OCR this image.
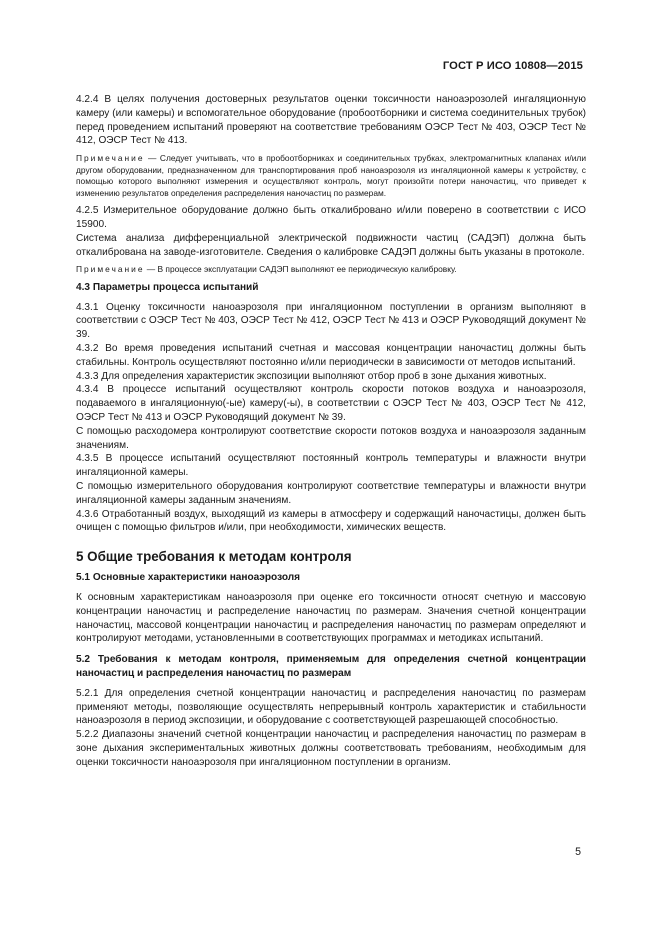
ГОСТ Р ИСО 10808—2015

4.2.4 В целях получения достоверных результатов оценки токсичности наноаэрозолей ингаляционную камеру (или камеры) и вспомогательное оборудование (пробоотборники и система соединительных трубок) перед проведением испытаний проверяют на соответствие требованиям ОЭСР Тест № 403, ОЭСР Тест № 412, ОЭСР Тест № 413.

Примечание — Следует учитывать, что в пробоотборниках и соединительных трубках, электромагнитных клапанах и/или другом оборудовании, предназначенном для транспортирования проб наноаэрозоля из ингаляционной камеры к устройству, с помощью которого выполняют измерения и осуществляют контроль, могут произойти потери наночастиц, что приведет к изменению результатов определения распределения наночастиц по размерам.

4.2.5 Измерительное оборудование должно быть откалибровано и/или поверено в соответствии с ИСО 15900.

Система анализа дифференциальной электрической подвижности частиц (САДЭП) должна быть откалибрована на заводе-изготовителе. Сведения о калибровке САДЭП должны быть указаны в протоколе.

Примечание — В процессе эксплуатации САДЭП выполняют ее периодическую калибровку.

4.3 Параметры процесса испытаний

4.3.1 Оценку токсичности наноаэрозоля при ингаляционном поступлении в организм выполняют в соответствии с ОЭСР Тест № 403, ОЭСР Тест № 412, ОЭСР Тест № 413 и ОЭСР Руководящий документ № 39.

4.3.2 Во время проведения испытаний счетная и массовая концентрации наночастиц должны быть стабильны. Контроль осуществляют постоянно и/или периодически в зависимости от методов испытаний.

4.3.3 Для определения характеристик экспозиции выполняют отбор проб в зоне дыхания животных.

4.3.4 В процессе испытаний осуществляют контроль скорости потоков воздуха и наноаэрозоля, подаваемого в ингаляционную(-ые) камеру(-ы), в соответствии с ОЭСР Тест № 403, ОЭСР Тест № 412, ОЭСР Тест № 413 и ОЭСР Руководящий документ № 39.

С помощью расходомера контролируют соответствие скорости потоков воздуха и наноаэрозоля заданным значениям.

4.3.5 В процессе испытаний осуществляют постоянный контроль температуры и влажности внутри ингаляционной камеры.

С помощью измерительного оборудования контролируют соответствие температуры и влажности внутри ингаляционной камеры заданным значениям.

4.3.6 Отработанный воздух, выходящий из камеры в атмосферу и содержащий наночастицы, должен быть очищен с помощью фильтров и/или, при необходимости, химических веществ.

5 Общие требования к методам контроля

5.1 Основные характеристики наноаэрозоля

К основным характеристикам наноаэрозоля при оценке его токсичности относят счетную и массовую концентрации наночастиц и распределение наночастиц по размерам. Значения счетной концентрации наночастиц, массовой концентрации наночастиц и распределения наночастиц по размерам определяют и контролируют методами, установленными в соответствующих программах и методиках испытаний.

5.2 Требования к методам контроля, применяемым для определения счетной концентрации наночастиц и распределения наночастиц по размерам

5.2.1 Для определения счетной концентрации наночастиц и распределения наночастиц по размерам применяют методы, позволяющие осуществлять непрерывный контроль характеристик и стабильности наноаэрозоля в период экспозиции, и оборудование с соответствующей разрешающей способностью.

5.2.2 Диапазоны значений счетной концентрации наночастиц и распределения наночастиц по размерам в зоне дыхания экспериментальных животных должны соответствовать требованиям, необходимым для оценки токсичности наноаэрозоля при ингаляционном поступлении в организм.

5
